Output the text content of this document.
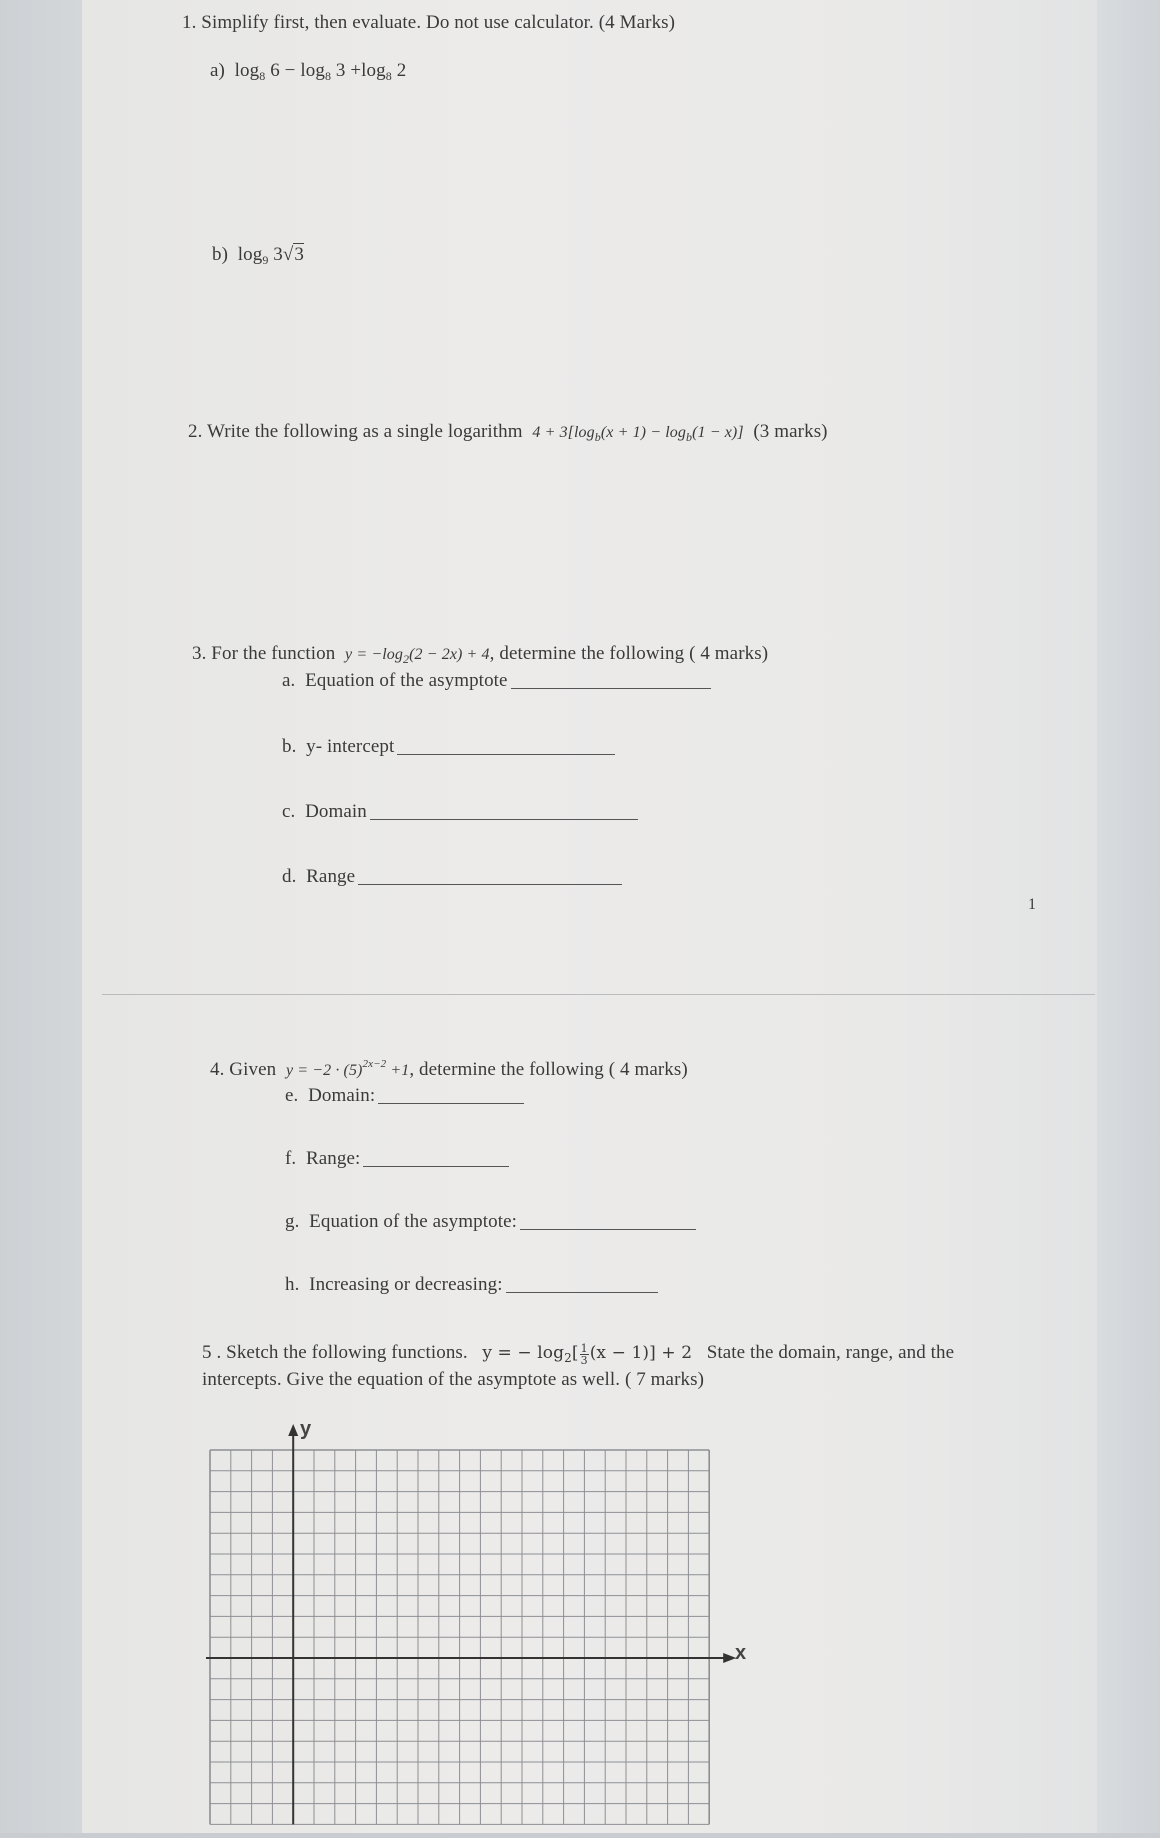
1. Simplify first, then evaluate. Do not use calculator. (4 Marks)
a) $\log_8 6 - \log_8 3 +\log_8$ 2
b) $\log_9 3√3$
2. Write the following as a single logarithm $4 + 3[\log_b(x + 1) - \log_b(1 - x)]$ (3 marks)
3. For the function $y = -\log_2(2 - 2x) + 4$, determine the following ( 4 marks)
a. Equation of the asymptote
b. y- intercept
c. Domain
d. Range
1
4. Given $y = -2 \cdot (5)^{2x-2} +1$, determine the following ( 4 marks)
e. Domain:
f. Range:
g. Equation of the asymptote:
h. Increasing or decreasing:
5 . Sketch the following functions. y = − $\log_2[ \frac{1}{3} (x - 1)] + 2$ State the domain, range, and the
intercepts. Give the equation of the asymptote as well. ( 7 marks)
y
x
